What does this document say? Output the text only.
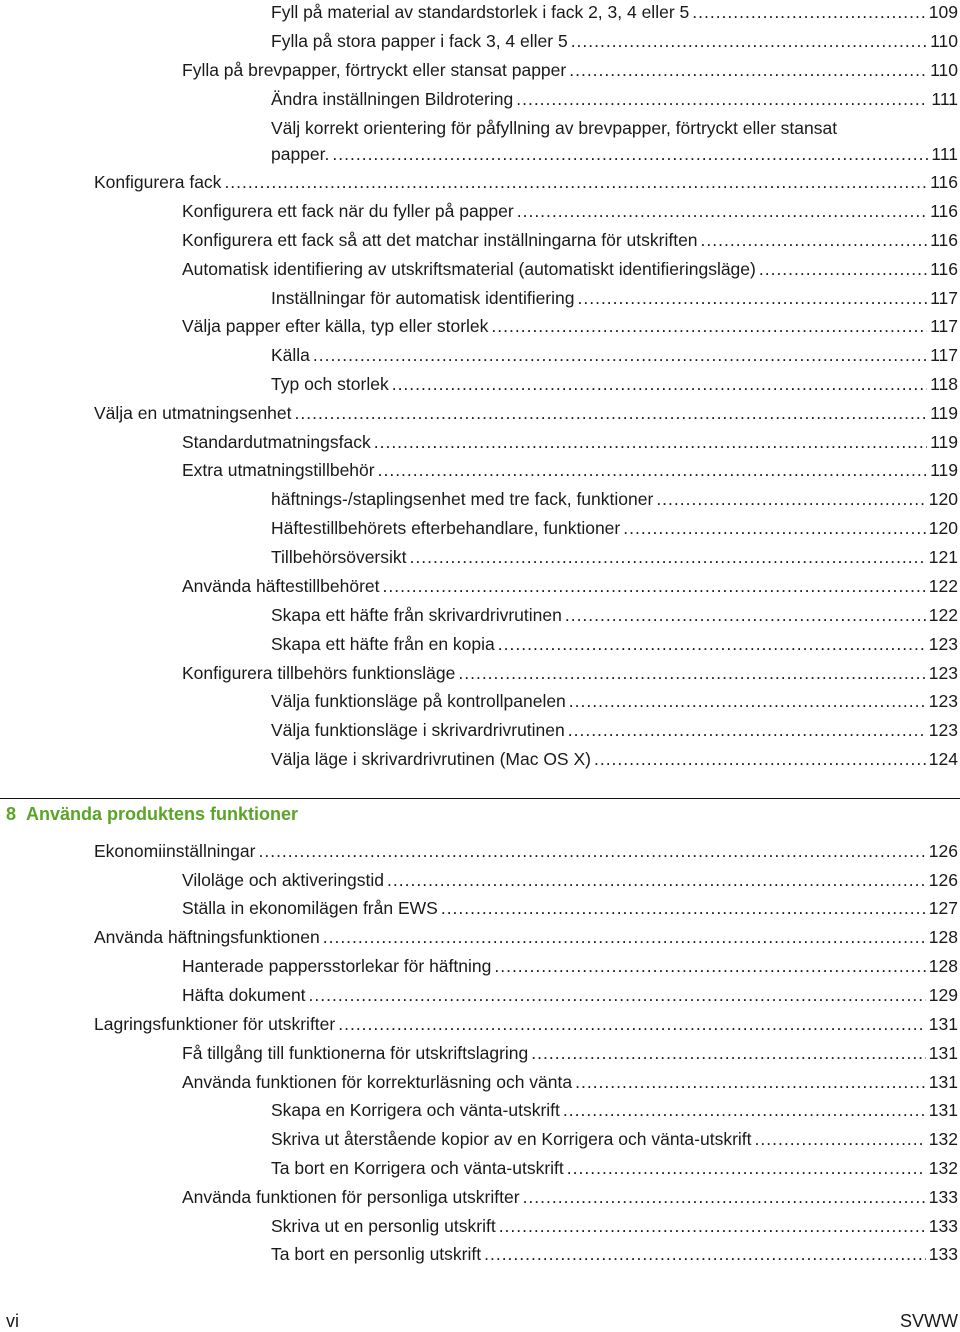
Fyll på material av standardstorlek i fack 2, 3, 4 eller 5 .....	109
Fylla på stora papper i fack 3, 4 eller 5 .....	110
Fylla på brevpapper, förtryckt eller stansat papper .....	110
Ändra inställningen Bildrotering .....	111
Välj korrekt orientering för påfyllning av brevpapper, förtryckt eller stansat
papper. .....	111
Konfigurera fack .....	116
Konfigurera ett fack när du fyller på papper .....	116
Konfigurera ett fack så att det matchar inställningarna för utskriften .....	116
Automatisk identifiering av utskriftsmaterial (automatiskt identifieringsläge) .....	116
Inställningar för automatisk identifiering .....	117
Välja papper efter källa, typ eller storlek .....	117
Källa .....	117
Typ och storlek .....	118
Välja en utmatningsenhet .....	119
Standardutmatningsfack .....	119
Extra utmatningstillbehör .....	119
häftnings-/staplingsenhet med tre fack, funktioner .....	120
Häftestillbehörets efterbehandlare, funktioner .....	120
Tillbehörsöversikt .....	121
Använda häftestillbehöret .....	122
Skapa ett häfte från skrivardrivrutinen .....	122
Skapa ett häfte från en kopia .....	123
Konfigurera tillbehörs funktionsläge .....	123
Välja funktionsläge på kontrollpanelen .....	123
Välja funktionsläge i skrivardrivrutinen .....	123
Välja läge i skrivardrivrutinen (Mac OS X) .....	124
8 Använda produktens funktioner
Ekonomiinställningar .....	126
Viloläge och aktiveringstid .....	126
Ställa in ekonomilägen från EWS .....	127
Använda häftningsfunktionen .....	128
Hanterade pappersstorlekar för häftning .....	128
Häfta dokument .....	129
Lagringsfunktioner för utskrifter .....	131
Få tillgång till funktionerna för utskriftslagring .....	131
Använda funktionen för korrekturläsning och vänta .....	131
Skapa en Korrigera och vänta-utskrift .....	131
Skriva ut återstående kopior av en Korrigera och vänta-utskrift .....	132
Ta bort en Korrigera och vänta-utskrift .....	132
Använda funktionen för personliga utskrifter .....	133
Skriva ut en personlig utskrift .....	133
Ta bort en personlig utskrift .....	133
vi	SVWW
